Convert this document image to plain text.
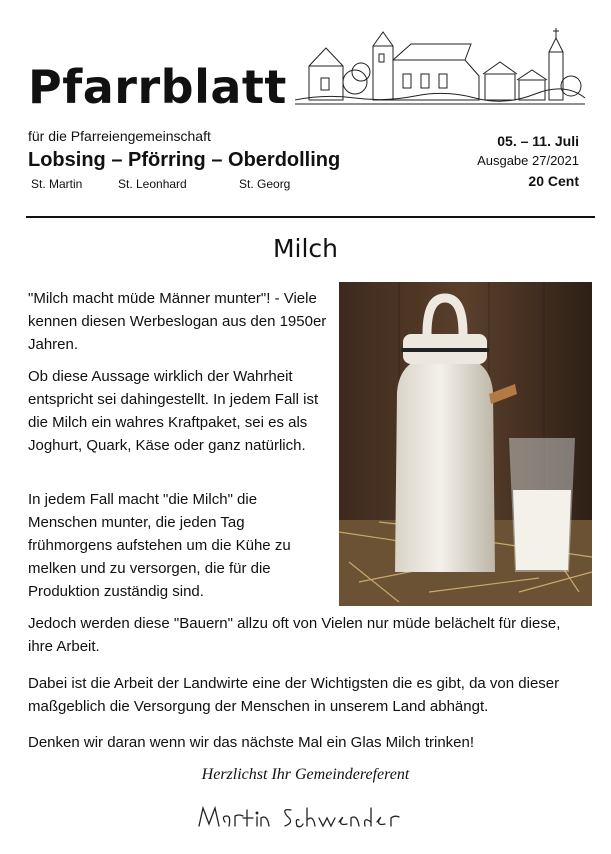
Pfarrblatt
für die Pfarreiengemeinschaft
Lobsing – Pförring – Oberdolling
St. Martin	St. Leonhard	St. Georg
05. – 11. Juli
Ausgabe 27/2021
20 Cent
Milch

"Milch macht müde Männer munter"! - Viele kennen diesen Werbeslogan aus den 1950er Jahren.

Ob diese Aussage wirklich der Wahrheit entspricht sei dahingestellt. In jedem Fall ist die Milch ein wahres Kraftpaket, sei es als Joghurt, Quark, Käse oder ganz natürlich.

In jedem Fall macht "die Milch" die Menschen munter, die jeden Tag frühmorgens aufstehen um die Kühe zu melken und zu versorgen, die für die Produktion zuständig sind.

Jedoch werden diese "Bauern" allzu oft von Vielen nur müde belächelt für diese, ihre Arbeit.

Dabei ist die Arbeit der Landwirte eine der Wichtigsten die es gibt, da von dieser maßgeblich die Versorgung der Menschen in unserem Land abhängt.

Denken wir daran wenn wir das nächste Mal ein Glas Milch trinken!

Herzlichst Ihr Gemeindereferent
